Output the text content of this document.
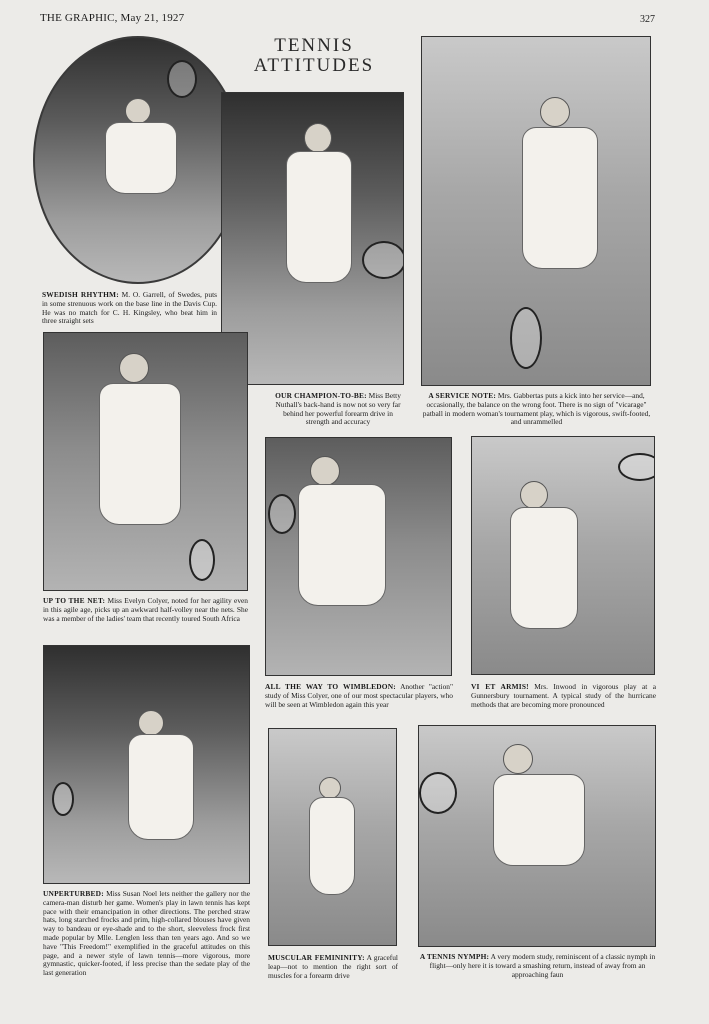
THE GRAPHIC, May 21, 1927	327
TENNIS
ATTITUDES
SWEDISH RHYTHM: M. O. Garrell, of Swedes, puts in some strenuous work on the base line in the Davis Cup. He was no match for C. H. Kingsley, who beat him in three straight sets
OUR CHAMPION-TO-BE: Miss Betty Nuthall's back-hand is now not so very far behind her powerful forearm drive in strength and accuracy
A SERVICE NOTE: Mrs. Gabbertas puts a kick into her service—and, occasionally, the balance on the wrong foot. There is no sign of "vicarage" patball in modern woman's tournament play, which is vigorous, swift-footed, and unrammelled
UP TO THE NET: Miss Evelyn Colyer, noted for her agility even in this agile age, picks up an awkward half-volley near the nets. She was a member of the ladies' team that recently toured South Africa
ALL THE WAY TO WIMBLEDON: Another "action" study of Miss Colyer, one of our most spectacular players, who will be seen at Wimbledon again this year
VI ET ARMIS! Mrs. Inwood in vigorous play at a Gunnersbury tournament. A typical study of the hurricane methods that are becoming more pronounced
UNPERTURBED: Miss Susan Noel lets neither the gallery nor the camera-man disturb her game. Women's play in lawn tennis has kept pace with their emancipation in other directions. The perched straw hats, long starched frocks and prim, high-collared blouses have given way to bandeau or eye-shade and to the short, sleeveless frock first made popular by Mlle. Lenglen less than ten years ago. And so we have "This Freedom!" exemplified in the graceful attitudes on this page, and a newer style of lawn tennis—more vigorous, more gymnastic, quicker-footed, if less precise than the sedate play of the last generation
MUSCULAR FEMININITY: A graceful leap—not to mention the right sort of muscles for a forearm drive
A TENNIS NYMPH: A very modern study, reminiscent of a classic nymph in flight—only here it is toward a smashing return, instead of away from an approaching faun
